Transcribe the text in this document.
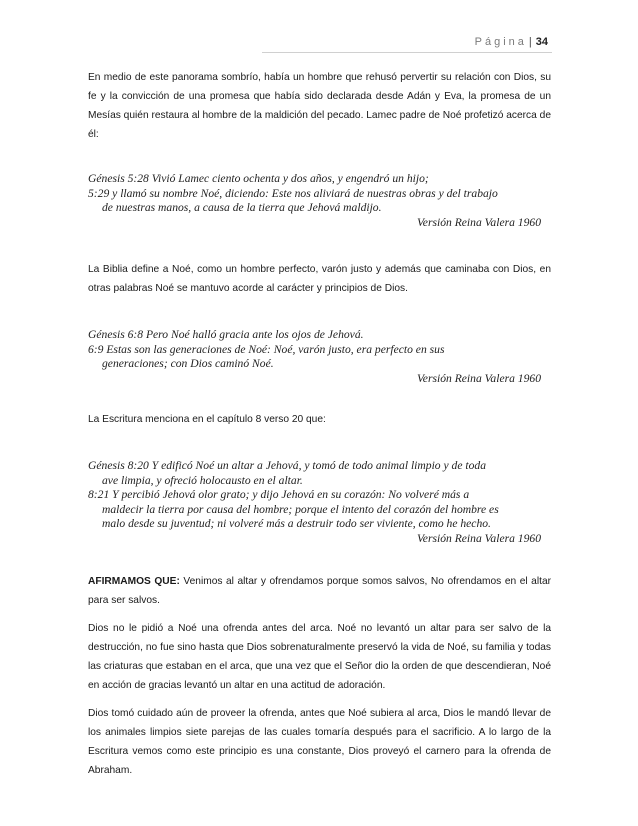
Página | 34

En medio de este panorama sombrío, había un hombre que rehusó pervertir su relación con Dios, su fe y la convicción de una promesa que había sido declarada desde Adán y Eva, la promesa de un Mesías quién restaura al hombre de la maldición del pecado. Lamec padre de Noé profetizó acerca de él:

Génesis 5:28 Vivió Lamec ciento ochenta y dos años, y engendró un hijo;
5:29 y llamó su nombre Noé, diciendo: Este nos aliviará de nuestras obras y del trabajo
de nuestras manos, a causa de la tierra que Jehová maldijo.
Versión Reina Valera 1960

La Biblia define a Noé, como un hombre perfecto, varón justo y además que caminaba con Dios, en otras palabras Noé se mantuvo acorde al carácter y principios de Dios.

Génesis 6:8 Pero Noé halló gracia ante los ojos de Jehová.
6:9 Estas son las generaciones de Noé: Noé, varón justo, era perfecto en sus
generaciones; con Dios caminó Noé.
Versión Reina Valera 1960

La Escritura menciona en el capítulo 8 verso 20 que:

Génesis 8:20 Y edificó Noé un altar a Jehová, y tomó de todo animal limpio y de toda
ave limpia, y ofreció holocausto en el altar.
8:21 Y percibió Jehová olor grato; y dijo Jehová en su corazón: No volveré más a
maldecir la tierra por causa del hombre; porque el intento del corazón del hombre es
malo desde su juventud; ni volveré más a destruir todo ser viviente, como he hecho.
Versión Reina Valera 1960

AFIRMAMOS QUE: Venimos al altar y ofrendamos porque somos salvos, No ofrendamos en el altar para ser salvos.

Dios no le pidió a Noé una ofrenda antes del arca. Noé no levantó un altar para ser salvo de la destrucción, no fue sino hasta que Dios sobrenaturalmente preservó la vida de Noé, su familia y todas las criaturas que estaban en el arca, que una vez que el Señor dio la orden de que descendieran, Noé en acción de gracias levantó un altar en una actitud de adoración.

Dios tomó cuidado aún de proveer la ofrenda, antes que Noé subiera al arca, Dios le mandó llevar de los animales limpios siete parejas de las cuales tomaría después para el sacrificio. A lo largo de la Escritura vemos como este principio es una constante, Dios proveyó el carnero para la ofrenda de Abraham.
